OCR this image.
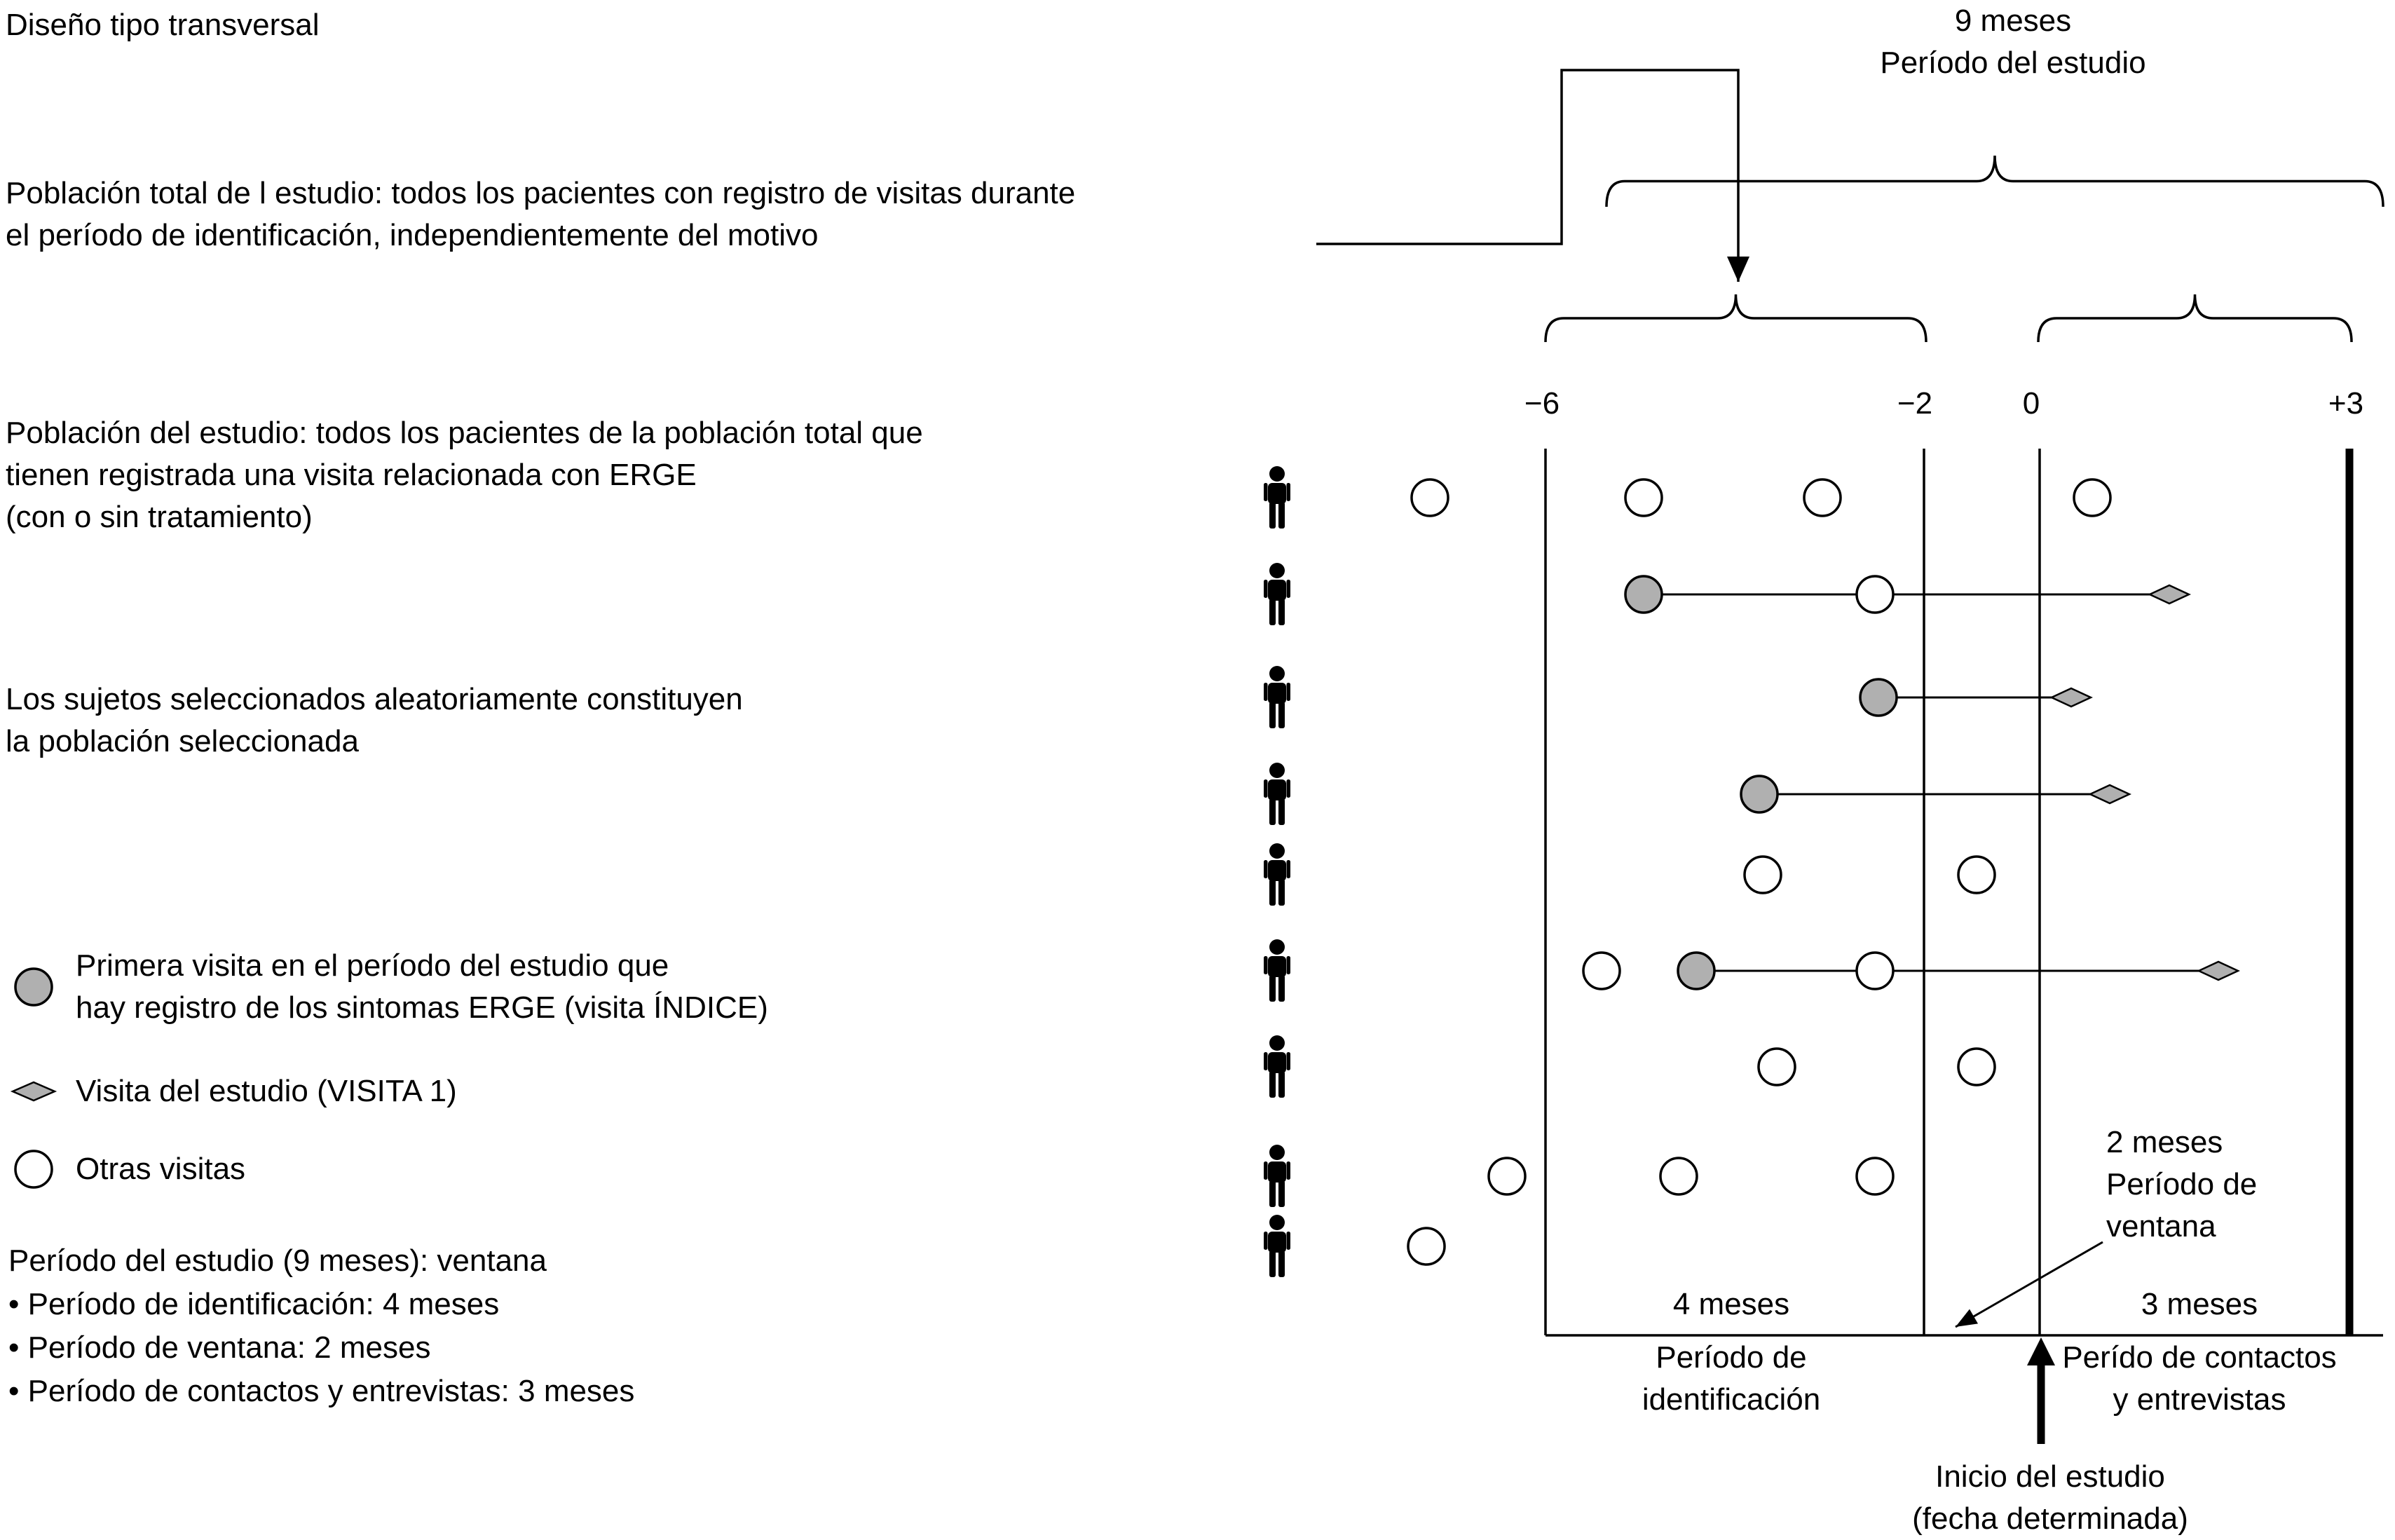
9 meses
Período del estudio
−6	−2	0	+3
4 meses
Período de
identificación
2 meses
Período de
ventana
3 meses
Perído de contactos
y entrevistas
Inicio del estudio
(fecha determinada)
Diseño tipo transversal
Población total de l estudio: todos los pacientes con registro de visitas durante
el período de identificación, independientemente del motivo
Población del estudio: todos los pacientes de la población total que
tienen registrada una visita relacionada con ERGE
(con o sin tratamiento)
Los sujetos seleccionados aleatoriamente constituyen
la población seleccionada
Primera visita en el período del estudio que
hay registro de los sintomas ERGE (visita ÍNDICE)
Visita del estudio (VISITA 1)
Otras visitas
Período del estudio (9 meses): ventana
• Período de identificación: 4 meses
• Período de ventana: 2 meses
• Período de contactos y entrevistas: 3 meses
